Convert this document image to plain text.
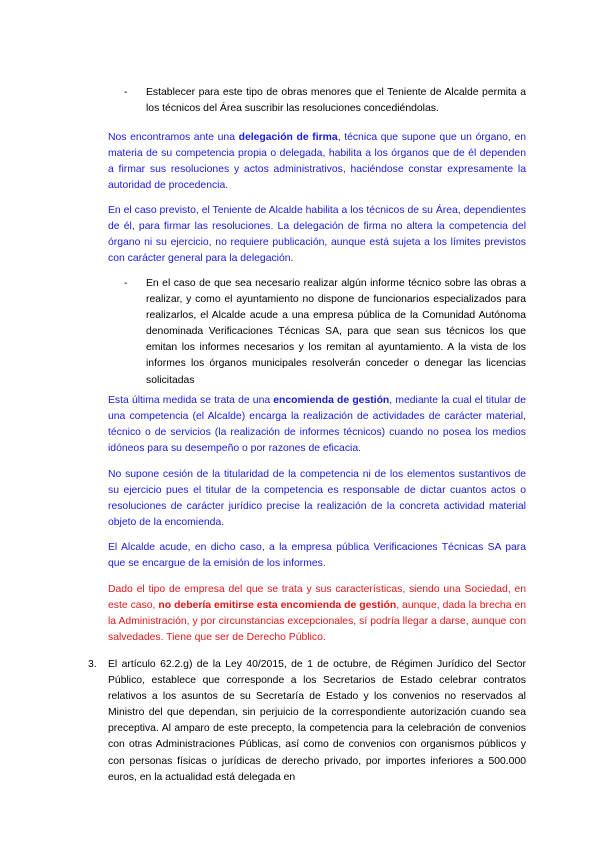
- Establecer para este tipo de obras menores que el Teniente de Alcalde permita a los técnicos del Área suscribir las resoluciones concediéndolas.

Nos encontramos ante una delegación de firma, técnica que supone que un órgano, en materia de su competencia propia o delegada, habilita a los órganos que de él dependen a firmar sus resoluciones y actos administrativos, haciéndose constar expresamente la autoridad de procedencia.

En el caso previsto, el Teniente de Alcalde habilita a los técnicos de su Área, dependientes de él, para firmar las resoluciones. La delegación de firma no altera la competencia del órgano ni su ejercicio, no requiere publicación, aunque está sujeta a los límites previstos con carácter general para la delegación.

- En el caso de que sea necesario realizar algún informe técnico sobre las obras a realizar, y como el ayuntamiento no dispone de funcionarios especializados para realizarlos, el Alcalde acude a una empresa pública de la Comunidad Autónoma denominada Verificaciones Técnicas SA, para que sean sus técnicos los que emitan los informes necesarios y los remitan al ayuntamiento. A la vista de los informes los órganos municipales resolverán conceder o denegar las licencias solicitadas

Esta última medida se trata de una encomienda de gestión, mediante la cual el titular de una competencia (el Alcalde) encarga la realización de actividades de carácter material, técnico o de servicios (la realización de informes técnicos) cuando no posea los medios idóneos para su desempeño o por razones de eficacia.

No supone cesión de la titularidad de la competencia ni de los elementos sustantivos de su ejercicio pues el titular de la competencia es responsable de dictar cuantos actos o resoluciones de carácter jurídico precise la realización de la concreta actividad material objeto de la encomienda.

El Alcalde acude, en dicho caso, a la empresa pública Verificaciones Técnicas SA para que se encargue de la emisión de los informes.

Dado el tipo de empresa del que se trata y sus características, siendo una Sociedad, en este caso, no debería emitirse esta encomienda de gestión, aunque, dada la brecha en la Administración, y por circunstancias excepcionales, sí podría llegar a darse, aunque con salvedades. Tiene que ser de Derecho Público.

3. El artículo 62.2.g) de la Ley 40/2015, de 1 de octubre, de Régimen Jurídico del Sector Público, establece que corresponde a los Secretarios de Estado celebrar contratos relativos a los asuntos de su Secretaría de Estado y los convenios no reservados al Ministro del que dependan, sin perjuicio de la correspondiente autorización cuando sea preceptiva. Al amparo de este precepto, la competencia para la celebración de convenios con otras Administraciones Públicas, así como de convenios con organismos públicos y con personas físicas o jurídicas de derecho privado, por importes inferiores a 500.000 euros, en la actualidad está delegada en
